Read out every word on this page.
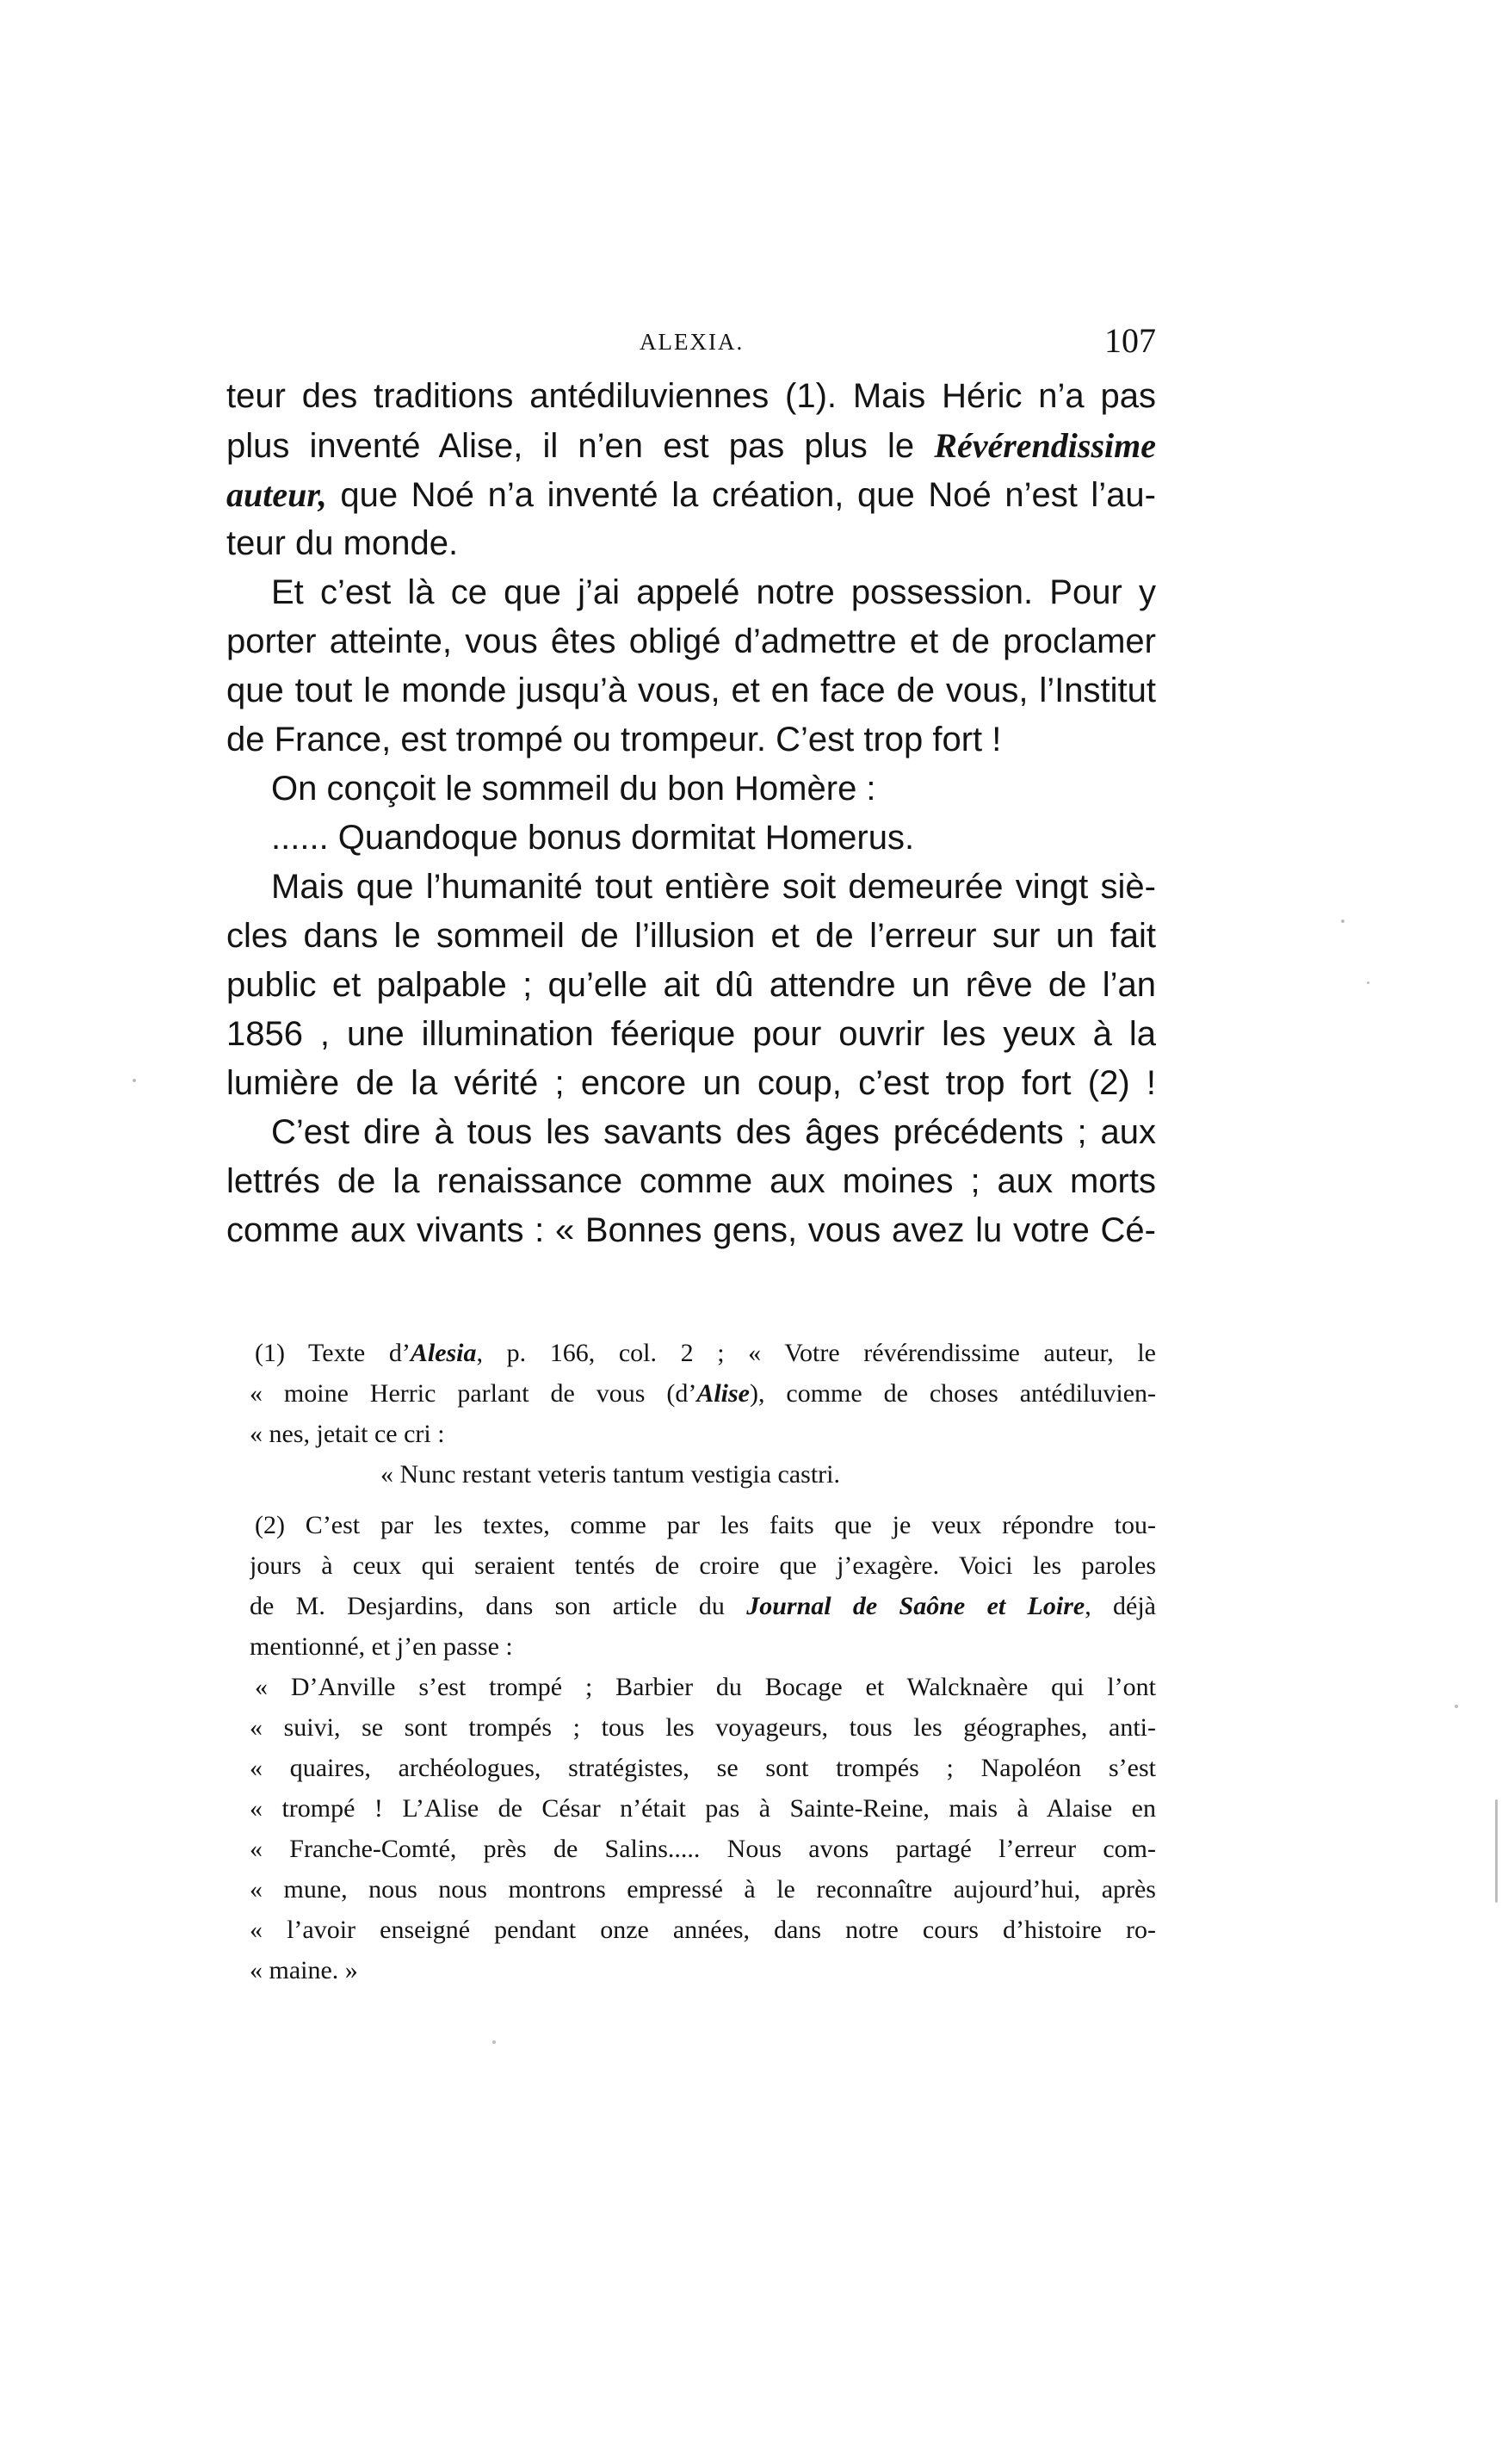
ALEXIA.	107
teur des traditions antédiluviennes (1). Mais Héric n’a pas
plus inventé Alise, il n’en est pas plus le Révérendissime
auteur, que Noé n’a inventé la création, que Noé n’est l’au-
teur du monde.
Et c’est là ce que j’ai appelé notre possession. Pour y
porter atteinte, vous êtes obligé d’admettre et de proclamer
que tout le monde jusqu’à vous, et en face de vous, l’Institut
de France, est trompé ou trompeur. C’est trop fort !
On conçoit le sommeil du bon Homère :
...... Quandoque bonus dormitat Homerus.
Mais que l’humanité tout entière soit demeurée vingt siè-
cles dans le sommeil de l’illusion et de l’erreur sur un fait
public et palpable ; qu’elle ait dû attendre un rêve de l’an
1856 , une illumination féerique pour ouvrir les yeux à la
lumière de la vérité ; encore un coup, c’est trop fort (2) !
C’est dire à tous les savants des âges précédents ; aux
lettrés de la renaissance comme aux moines ; aux morts
comme aux vivants : « Bonnes gens, vous avez lu votre Cé-
(1) Texte d’Alesia, p. 166, col. 2 ; « Votre révérendissime auteur, le
« moine Herric parlant de vous (d’Alise), comme de choses antédiluvien-
« nes, jetait ce cri :
« Nunc restant veteris tantum vestigia castri.
(2) C’est par les textes, comme par les faits que je veux répondre tou-
jours à ceux qui seraient tentés de croire que j’exagère. Voici les paroles
de M. Desjardins, dans son article du Journal de Saône et Loire, déjà
mentionné, et j’en passe :
« D’Anville s’est trompé ; Barbier du Bocage et Walcknaère qui l’ont
« suivi, se sont trompés ; tous les voyageurs, tous les géographes, anti-
« quaires, archéologues, stratégistes, se sont trompés ; Napoléon s’est
« trompé ! L’Alise de César n’était pas à Sainte-Reine, mais à Alaise en
« Franche-Comté, près de Salins..... Nous avons partagé l’erreur com-
« mune, nous nous montrons empressé à le reconnaître aujourd’hui, après
« l’avoir enseigné pendant onze années, dans notre cours d’histoire ro-
« maine. »
